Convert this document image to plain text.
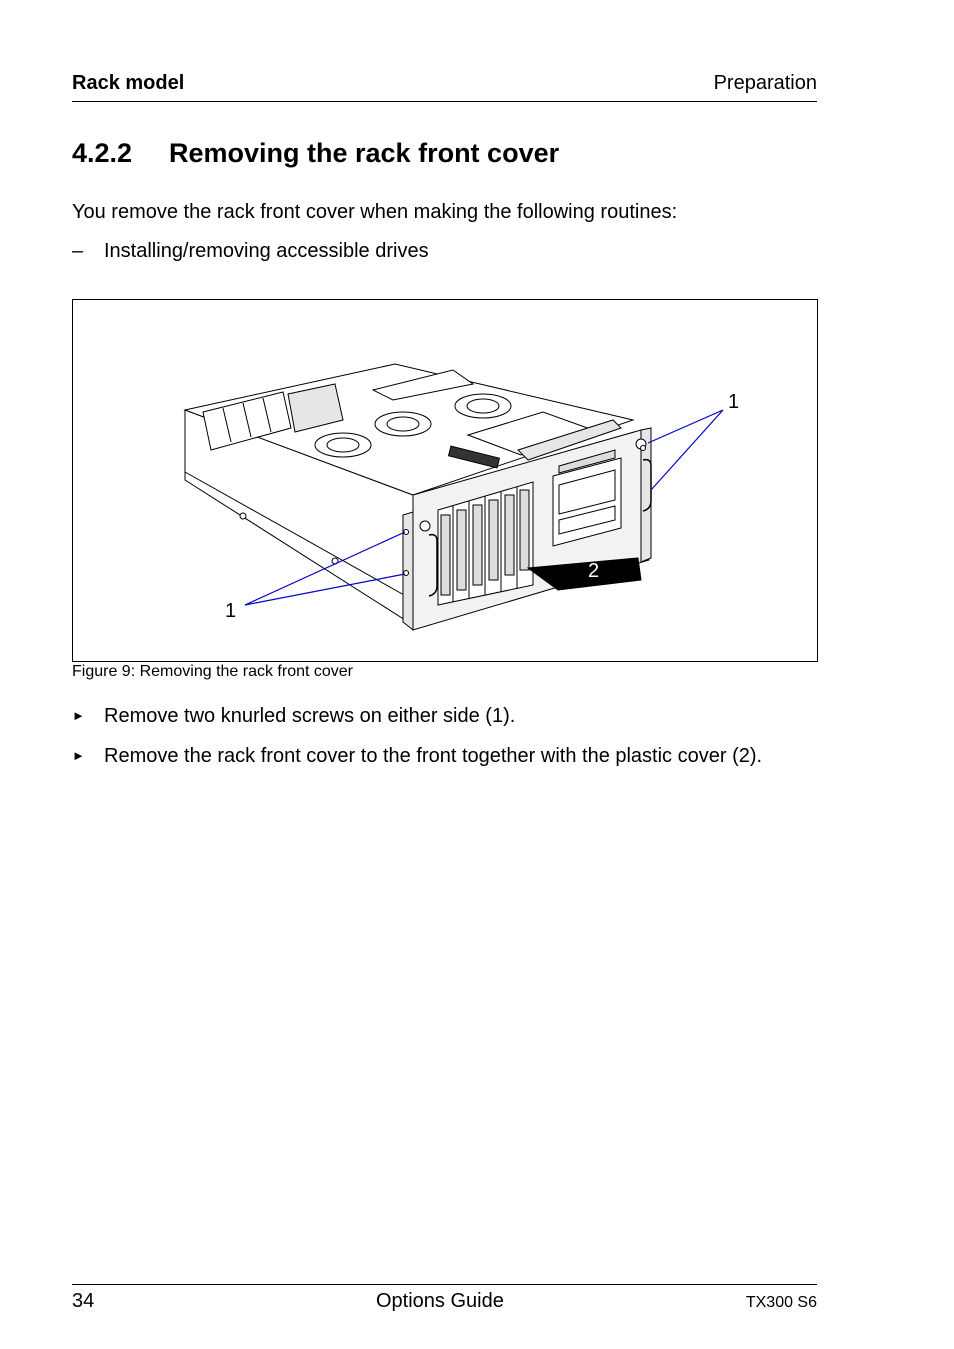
Rack model	Preparation
4.2.2 Removing the rack front cover
You remove the rack front cover when making the following routines:
– Installing/removing accessible drives
1
1
2
Figure 9: Removing the rack front cover
► Remove two knurled screws on either side (1).
► Remove the rack front cover to the front together with the plastic cover (2).
34	Options Guide	TX300 S6
